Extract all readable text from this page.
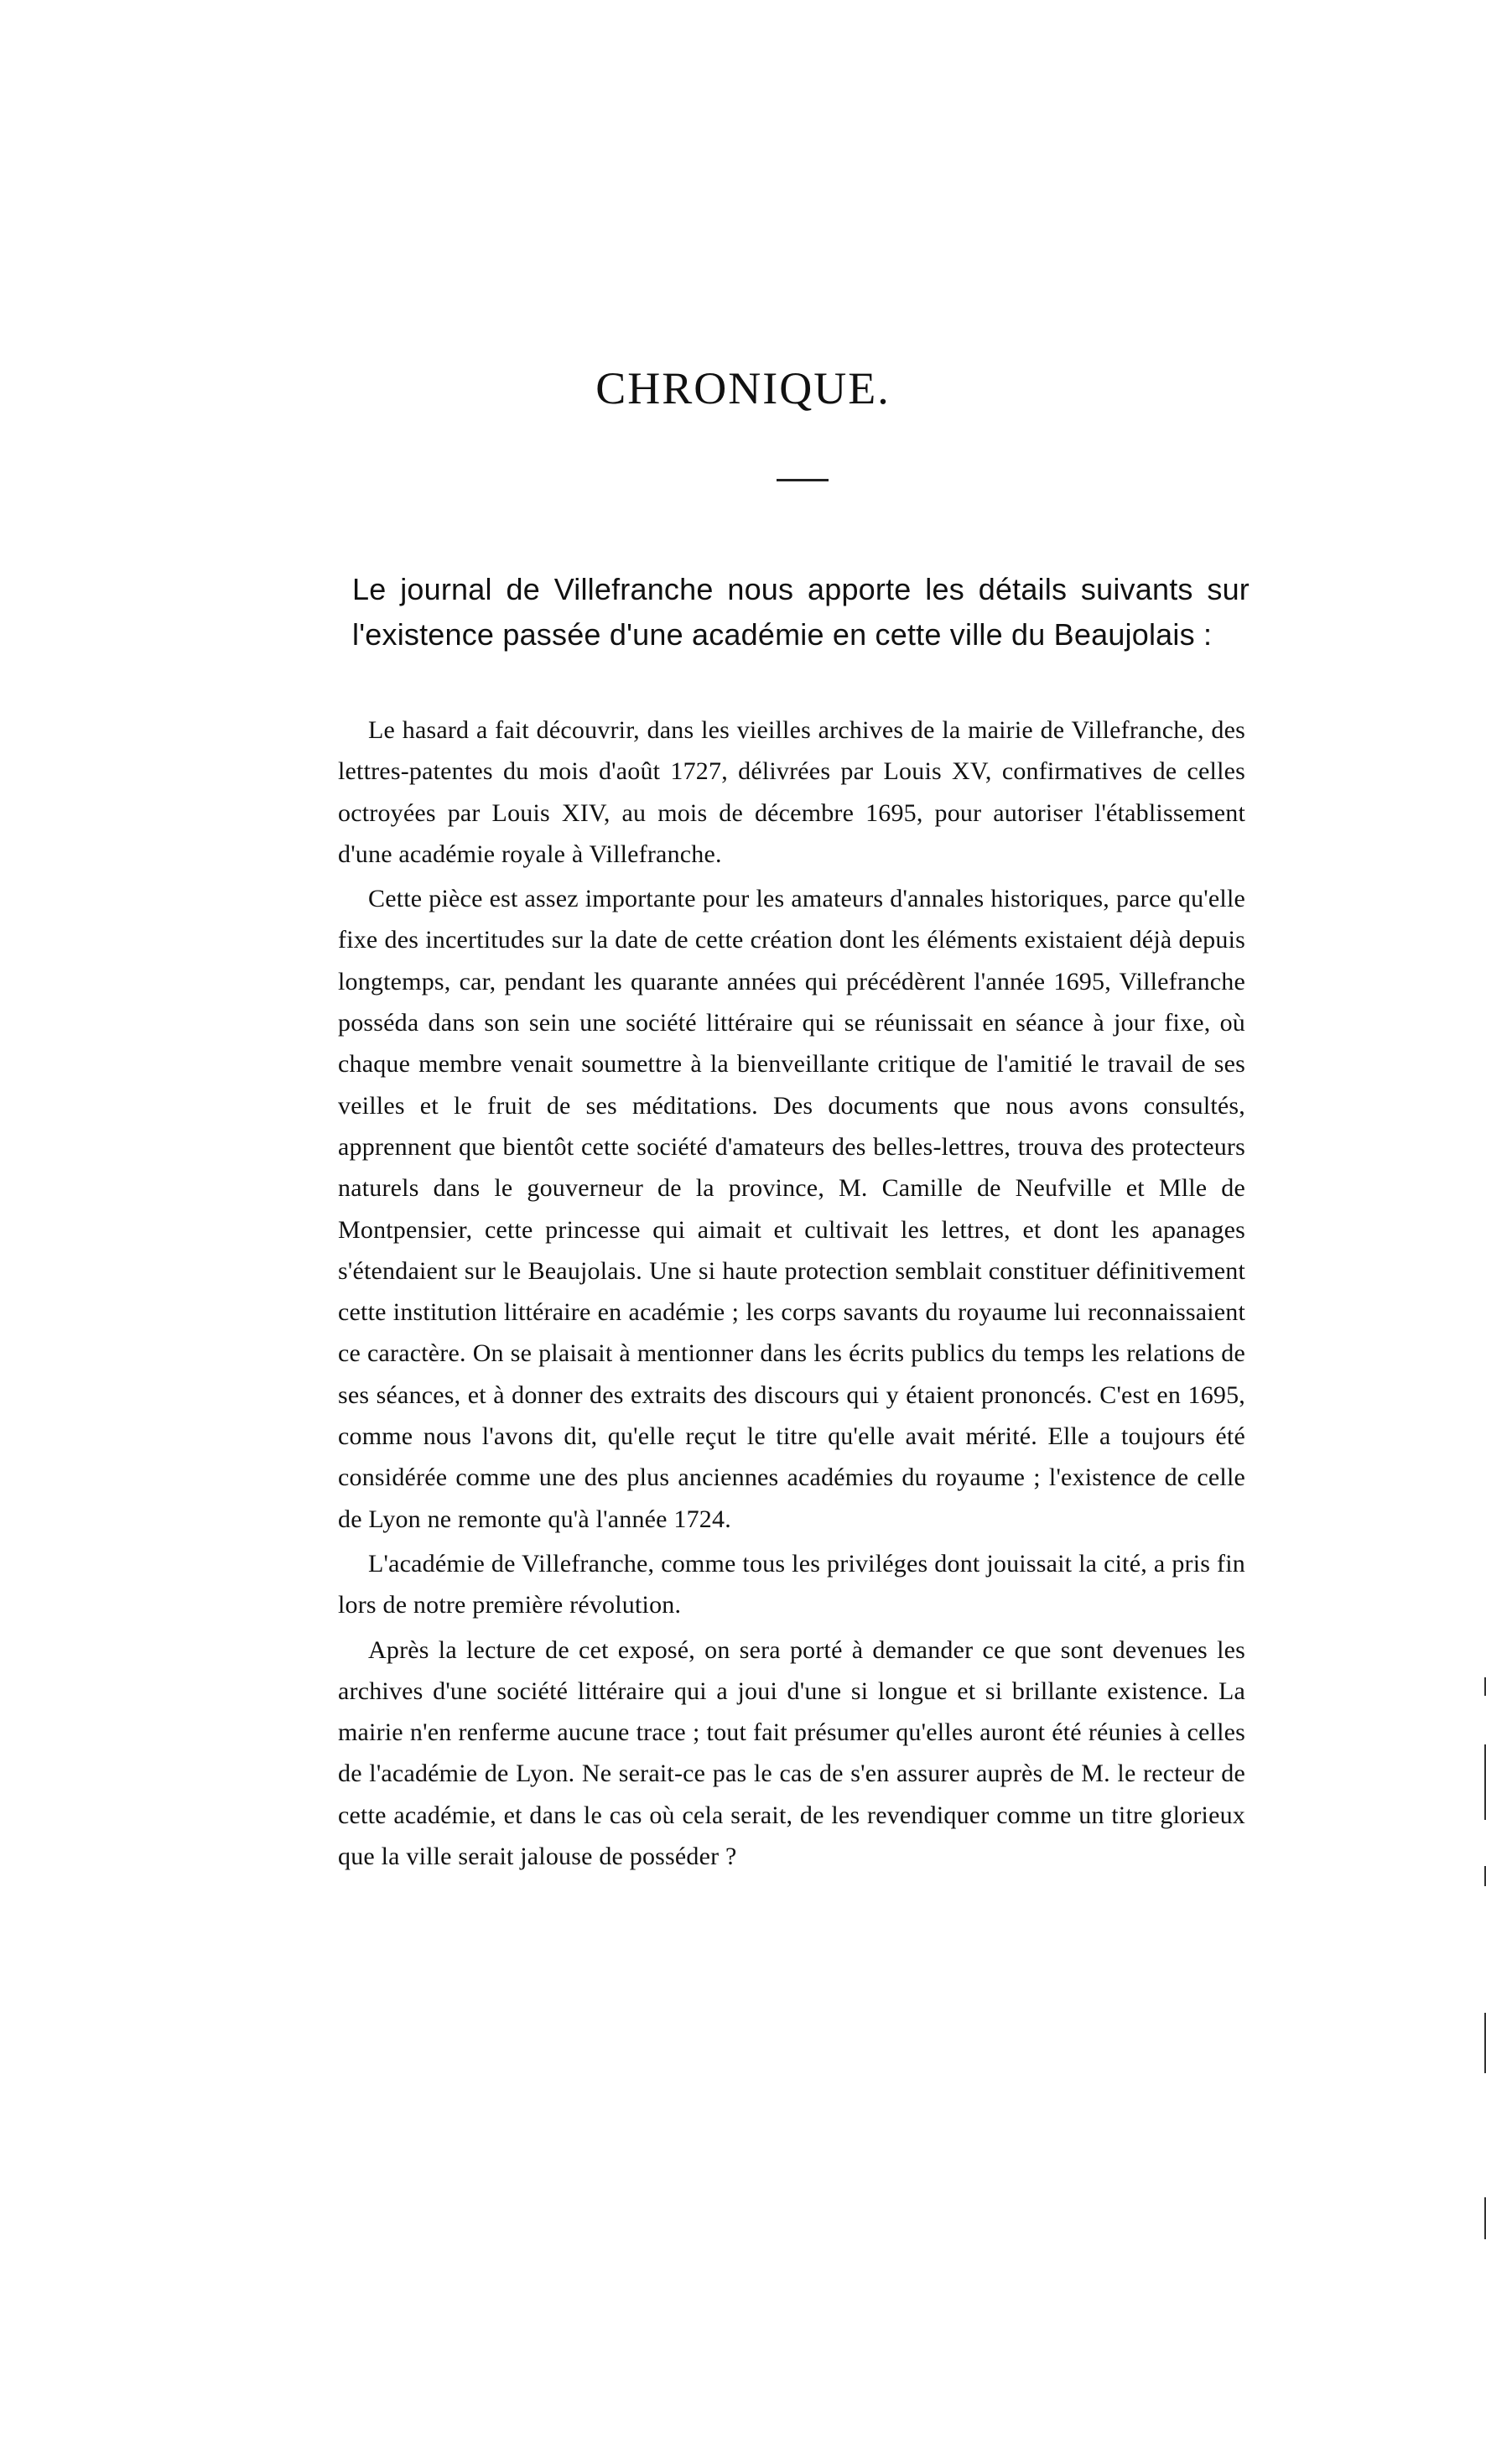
CHRONIQUE.
Le journal de Villefranche nous apporte les détails suivants sur l'existence passée d'une académie en cette ville du Beaujolais :

Le hasard a fait découvrir, dans les vieilles archives de la mairie de Villefranche, des lettres-patentes du mois d'août 1727, délivrées par Louis XV, confirmatives de celles octroyées par Louis XIV, au mois de décembre 1695, pour autoriser l'établissement d'une académie royale à Villefranche.

Cette pièce est assez importante pour les amateurs d'annales historiques, parce qu'elle fixe des incertitudes sur la date de cette création dont les éléments existaient déjà depuis longtemps, car, pendant les quarante années qui précédèrent l'année 1695, Villefranche posséda dans son sein une société littéraire qui se réunissait en séance à jour fixe, où chaque membre venait soumettre à la bienveillante critique de l'amitié le travail de ses veilles et le fruit de ses méditations. Des documents que nous avons consultés, apprennent que bientôt cette société d'amateurs des belles-lettres, trouva des protecteurs naturels dans le gouverneur de la province, M. Camille de Neufville et Mlle de Montpensier, cette princesse qui aimait et cultivait les lettres, et dont les apanages s'étendaient sur le Beaujolais. Une si haute protection semblait constituer définitivement cette institution littéraire en académie ; les corps savants du royaume lui reconnaissaient ce caractère. On se plaisait à mentionner dans les écrits publics du temps les relations de ses séances, et à donner des extraits des discours qui y étaient prononcés. C'est en 1695, comme nous l'avons dit, qu'elle reçut le titre qu'elle avait mérité. Elle a toujours été considérée comme une des plus anciennes académies du royaume ; l'existence de celle de Lyon ne remonte qu'à l'année 1724.

L'académie de Villefranche, comme tous les priviléges dont jouissait la cité, a pris fin lors de notre première révolution.

Après la lecture de cet exposé, on sera porté à demander ce que sont devenues les archives d'une société littéraire qui a joui d'une si longue et si brillante existence. La mairie n'en renferme aucune trace ; tout fait présumer qu'elles auront été réunies à celles de l'académie de Lyon. Ne serait-ce pas le cas de s'en assurer auprès de M. le recteur de cette académie, et dans le cas où cela serait, de les revendiquer comme un titre glorieux que la ville serait jalouse de posséder ?
